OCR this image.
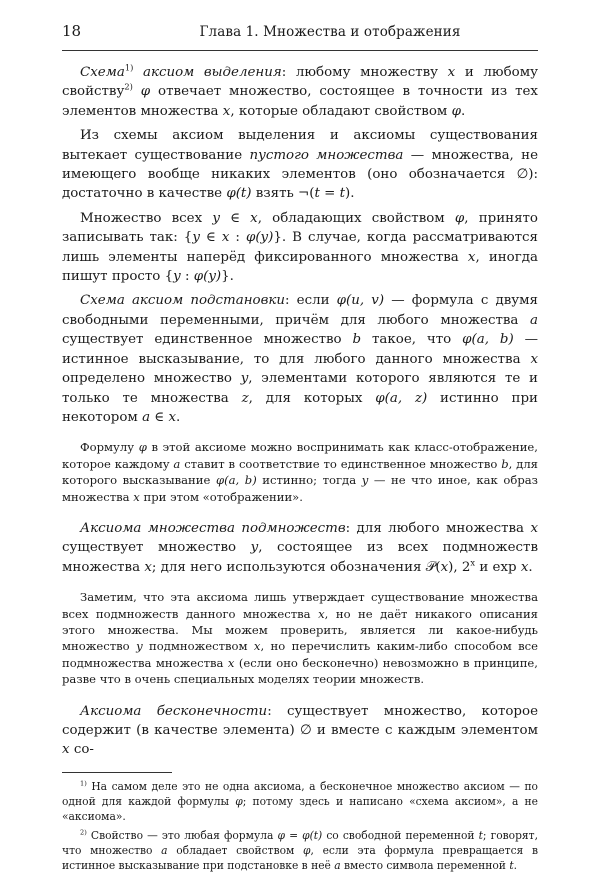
18	Глава 1. Множества и отображения

Схема$^{1)}$ аксиом выделения: любому множеству x и любому свойству$^{2)}$ φ отвечает множество, состоящее в точности из тех элементов множества x, которые обладают свойством φ.

Из схемы аксиом выделения и аксиомы существования вытекает существование пустого множества — множества, не имеющего вообще никаких элементов (оно обозначается ∅): достаточно в качестве φ(t) взять ¬(t = t).

Множество всех y ∈ x, обладающих свойством φ, принято записывать так: {y ∈ x : φ(y)}. В случае, когда рассматриваются лишь элементы наперёд фиксированного множества x, иногда пишут просто {y : φ(y)}.

Схема аксиом подстановки: если φ(u, v) — формула с двумя свободными переменными, причём для любого множества a существует единственное множество b такое, что φ(a, b) — истинное высказывание, то для любого данного множества x определено множество y, элементами которого являются те и только те множества z, для которых φ(a, z) истинно при некотором a ∈ x.

Формулу φ в этой аксиоме можно воспринимать как класс-отображение, которое каждому a ставит в соответствие то единственное множество b, для которого высказывание φ(a, b) истинно; тогда y — не что иное, как образ множества x при этом «отображении».

Аксиома множества подмножеств: для любого множества x существует множество y, состоящее из всех подмножеств множества x; для него используются обозначения 𝒫(x), 2$^x$ и exp x.

Заметим, что эта аксиома лишь утверждает существование множества всех подмножеств данного множества x, но не даёт никакого описания этого множества. Мы можем проверить, является ли какое-нибудь множество y подмножеством x, но перечислить каким-либо способом все подмножества множества x (если оно бесконечно) невозможно в принципе, разве что в очень специальных моделях теории множеств.

Аксиома бесконечности: существует множество, которое содержит (в качестве элемента) ∅ и вместе с каждым элементом x со-

$^{1)}$ На самом деле это не одна аксиома, а бесконечное множество аксиом — по одной для каждой формулы φ; потому здесь и написано «схема аксиом», а не «аксиома».

$^{2)}$ Свойство — это любая формула φ = φ(t) со свободной переменной t; говорят, что множество a обладает свойством φ, если эта формула превращается в истинное высказывание при подстановке в неё a вместо символа переменной t.
